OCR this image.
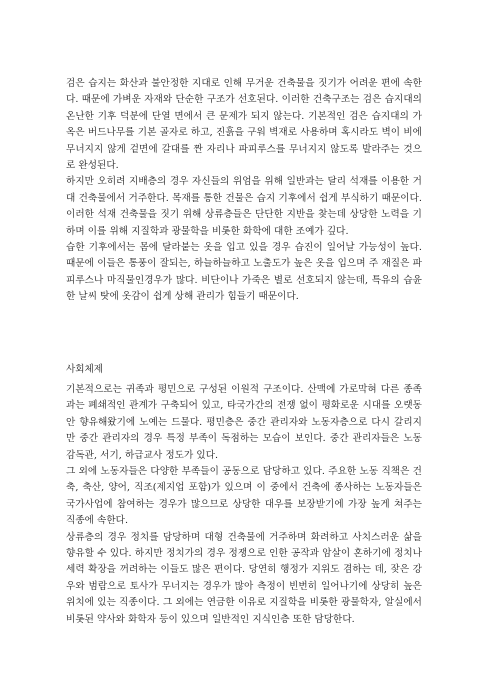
검은 습지는 화산과 불안정한 지대로 인해 무거운 건축물을 짓기가 어려운 편에 속한다. 때문에 가벼운 자재와 단순한 구조가 선호된다. 이러한 건축구조는 검은 습지대의 온난한 기후 덕분에 단열 면에서 큰 문제가 되지 않는다. 기본적인 검은 습지대의 가옥은 버드나무를 기본 골자로 하고, 진흙을 구워 벽재로 사용하며 혹시라도 벽이 비에 무너지지 않게 겉면에 갈대를 짠 자리나 파피루스를 무너지지 않도록 발라주는 것으로 완성된다.

하지만 오히려 지배층의 경우 자신들의 위엄을 위해 일반과는 달리 석재를 이용한 거대 건축물에서 거주한다. 목재를 통한 건물은 습지 기후에서 쉽게 부식하기 때문이다. 이러한 석재 건축물을 짓기 위해 상류층들은 단단한 지반을 찾는데 상당한 노력을 기하며 이를 위해 지질학과 광물학을 비롯한 화학에 대한 조예가 깊다.

습한 기후에서는 몸에 달라붙는 옷을 입고 있을 경우 습진이 일어날 가능성이 높다. 때문에 이들은 통풍이 잘되는, 하늘하늘하고 노출도가 높은 옷을 입으며 주 재질은 파피루스나 마직물인경우가 많다. 비단이나 가죽은 별로 선호되지 않는데, 특유의 습윤한 날씨 탓에 옷감이 쉽게 상해 관리가 힘들기 때문이다.

사회체제

기본적으로는 귀족과 평민으로 구성된 이원적 구조이다. 산맥에 가로막혀 다른 종족과는 폐쇄적인 관계가 구축되어 있고, 타국가간의 전쟁 없이 평화로운 시대를 오랫동안 향유해왔기에 노예는 드물다. 평민층은 중간 관리자와 노동자층으로 다시 갈리지만 중간 관리자의 경우 특정 부족이 독점하는 모습이 보인다. 중간 관리자들은 노동 감독관, 서기, 하급교사 정도가 있다.

그 외에 노동자들은 다양한 부족들이 공동으로 담당하고 있다. 주요한 노동 직책은 건축, 축산, 양어, 직조(제지업 포함)가 있으며 이 중에서 건축에 종사하는 노동자들은 국가사업에 참여하는 경우가 많으므로 상당한 대우를 보장받기에 가장 높게 쳐주는 직종에 속한다.

상류층의 경우 정치를 담당하며 대형 건축물에 거주하며 화려하고 사치스러운 삶을 향유할 수 있다. 하지만 정치가의 경우 정쟁으로 인한 공작과 암살이 혼하기에 정치나 세력 확장을 꺼려하는 이들도 많은 편이다. 당연히 행정가 지위도 겸하는 데, 잦은 강우와 범람으로 토사가 무너지는 경우가 많아 측정이 빈번히 일어나기에 상당히 높은 위치에 있는 직종이다. 그 외에는 연금한 이유로 지질학을 비롯한 광물학자, 알실에서 비롯된 약사와 화학자 등이 있으며 일반적인 지식인층 또한 담당한다.
